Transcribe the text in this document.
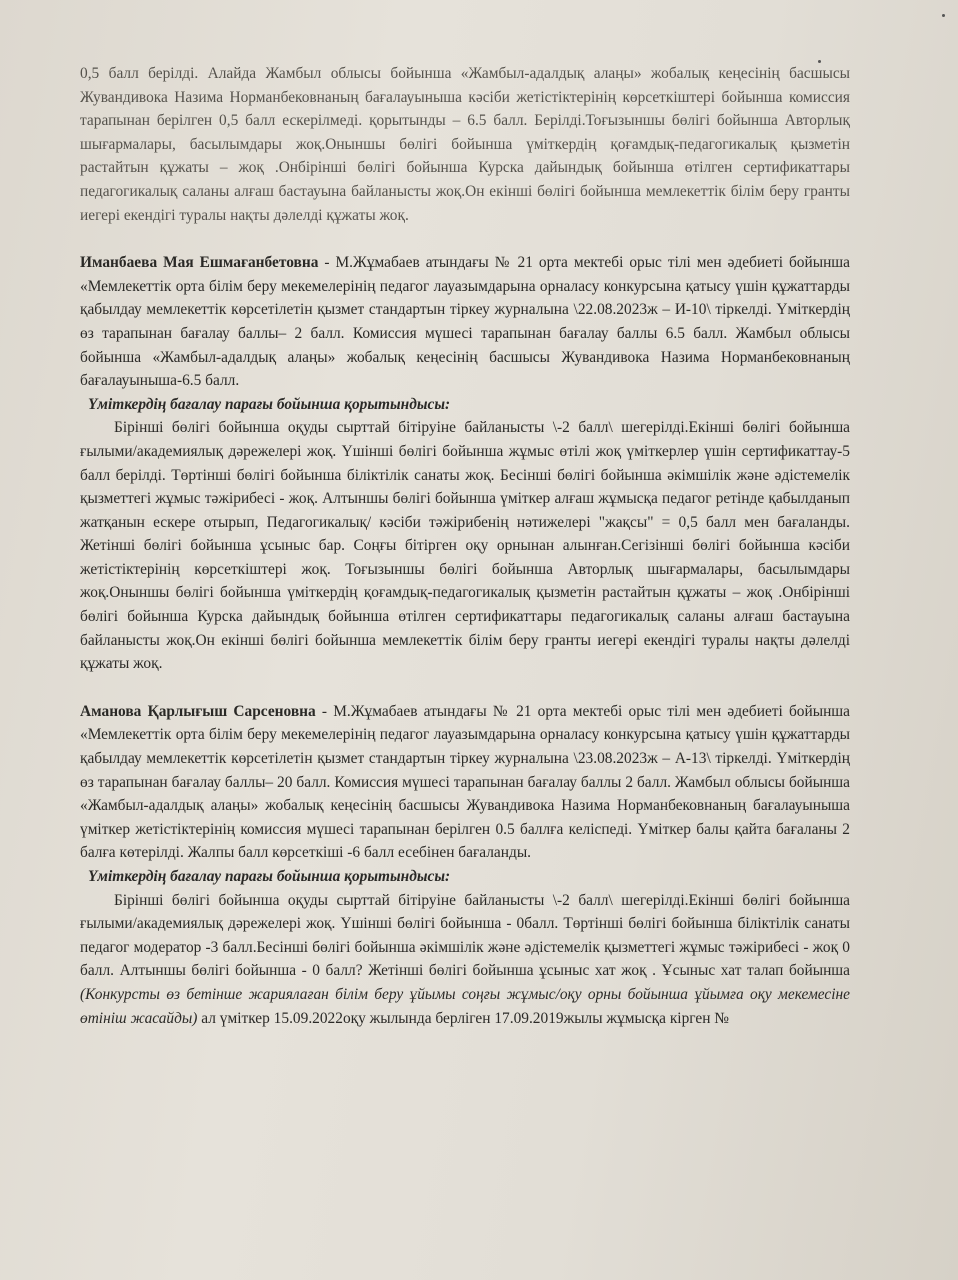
0,5 балл берілді. Алайда Жамбыл облысы бойынша «Жамбыл-адалдық алаңы» жобалық кеңесінің басшысы Жувандивока Назима Нормaнбековнаның бағалауыныша кәсіби жетістіктерінің көрсеткіштері бойынша комиссия тарапынан берілген 0,5 балл ескерілмеді. қорытынды – 6.5 балл. Берілді.Тоғызыншы бөлігі бойынша Авторлық шығармалары, басылымдары жоқ.Оныншы бөлігі бойынша үміткердің қоғамдық-педагогикалық қызметін растайтын құжаты – жоқ .Онбірінші бөлігі бойынша Курска дайындық бойынша өтілген сертификаттары педагогикалық саланы алғаш бастауына байланысты жоқ.Он екінші бөлігі бойынша мемлекеттік білім беру гранты иегері екендігі туралы нақты дәлелді құжаты жоқ.

Иманбаева Мая Ешмағанбетовна - М.Жұмабаев атындағы № 21 орта мектебі орыс тілі мен әдебиеті бойынша «Мемлекеттік орта білім беру мекемелерінің педагог лауазымдарына орналасу конкурсына қатысу үшін құжаттарды қабылдау мемлекеттік көрсетілетін қызмет стандартын тіркеу журналына \22.08.2023ж – И-10\ тіркелді. Үміткердің өз тарапынан бағалау баллы– 2 балл. Комиссия мүшесі тарапынан бағалау баллы 6.5 балл. Жамбыл облысы бойынша «Жамбыл-адалдық алаңы» жобалық кеңесінің басшысы Жувандивока Назима Нормaнбековнаның бағалауыныша-6.5 балл.

Үміткердің бағалау парағы бойынша қорытындысы:

Бірінші бөлігі бойынша оқуды сырттай бітіруіне байланысты \-2 балл\ шегерілді.Екінші бөлігі бойынша ғылыми/академиялық дәрежелері жоқ. Үшінші бөлігі бойынша жұмыс өтілі жоқ үміткерлер үшін сертификаттау-5 балл берілді. Төртінші бөлігі бойынша біліктілік санаты жоқ. Бесінші бөлігі бойынша әкімшілік және әдістемелік қызметтегі жұмыс тәжірибесі - жоқ. Алтыншы бөлігі бойынша үміткер алғаш жұмысқа педагог ретінде қабылданып жатқанын ескере отырып, Педагогикалық/ кәсіби тәжірибенің нәтижелері "жақсы" = 0,5 балл мен бағаланды. Жетінші бөлігі бойынша ұсыныс бар. Соңғы бітірген оқу орнынан алынған.Сегізінші бөлігі бойынша кәсіби жетістіктерінің көрсеткіштері жоқ. Тоғызыншы бөлігі бойынша Авторлық шығармалары, басылымдары жоқ.Оныншы бөлігі бойынша үміткердің қоғамдық-педагогикалық қызметін растайтын құжаты – жоқ .Онбірінші бөлігі бойынша Курска дайындық бойынша өтілген сертификаттары педагогикалық саланы алғаш бастауына байланысты жоқ.Он екінші бөлігі бойынша мемлекеттік білім беру гранты иегері екендігі туралы нақты дәлелді құжаты жоқ.

Аманова Қарлығыш Сарсеновна - М.Жұмабаев атындағы № 21 орта мектебі орыс тілі мен әдебиеті бойынша «Мемлекеттік орта білім беру мекемелерінің педагог лауазымдарына орналасу конкурсына қатысу үшін құжаттарды қабылдау мемлекеттік көрсетілетін қызмет стандартын тіркеу журналына \23.08.2023ж – А-13\ тіркелді. Үміткердің өз тарапынан бағалау баллы– 20 балл. Комиссия мүшесі тарапынан бағалау баллы 2 балл. Жамбыл облысы бойынша «Жамбыл-адалдық алаңы» жобалық кеңесінің басшысы Жувандивока Назима Нормaнбековнаның бағалауыныша үміткер жетістіктерінің комиссия мүшесі тарапынан берілген 0.5 баллға келіспеді. Үміткер балы қайта бағаланы 2 балға көтерілді. Жалпы балл көрсеткіші -6 балл есебінен бағаланды.

Үміткердің бағалау парағы бойынша қорытындысы:

Бірінші бөлігі бойынша оқуды сырттай бітіруіне байланысты \-2 балл\ шегерілді.Екінші бөлігі бойынша ғылыми/академиялық дәрежелері жоқ. Үшінші бөлігі бойынша - 0балл. Төртінші бөлігі бойынша біліктілік санаты педагог модератор -3 балл.Бесінші бөлігі бойынша әкімшілік және әдістемелік қызметтегі жұмыс тәжірибесі - жоқ 0 балл. Алтыншы бөлігі бойынша - 0 балл? Жетінші бөлігі бойынша ұсыныс хат жоқ . Ұсыныс хат талап бойынша (Конкурсты өз бетінше жариялаған білім беру ұйымы соңғы жұмыс/оқу орны бойынша ұйымға оқу мекемесіне өтініш жасайды) ал үміткер 15.09.2022оқу жылында берліген 17.09.2019жылы жұмысқа кірген №
